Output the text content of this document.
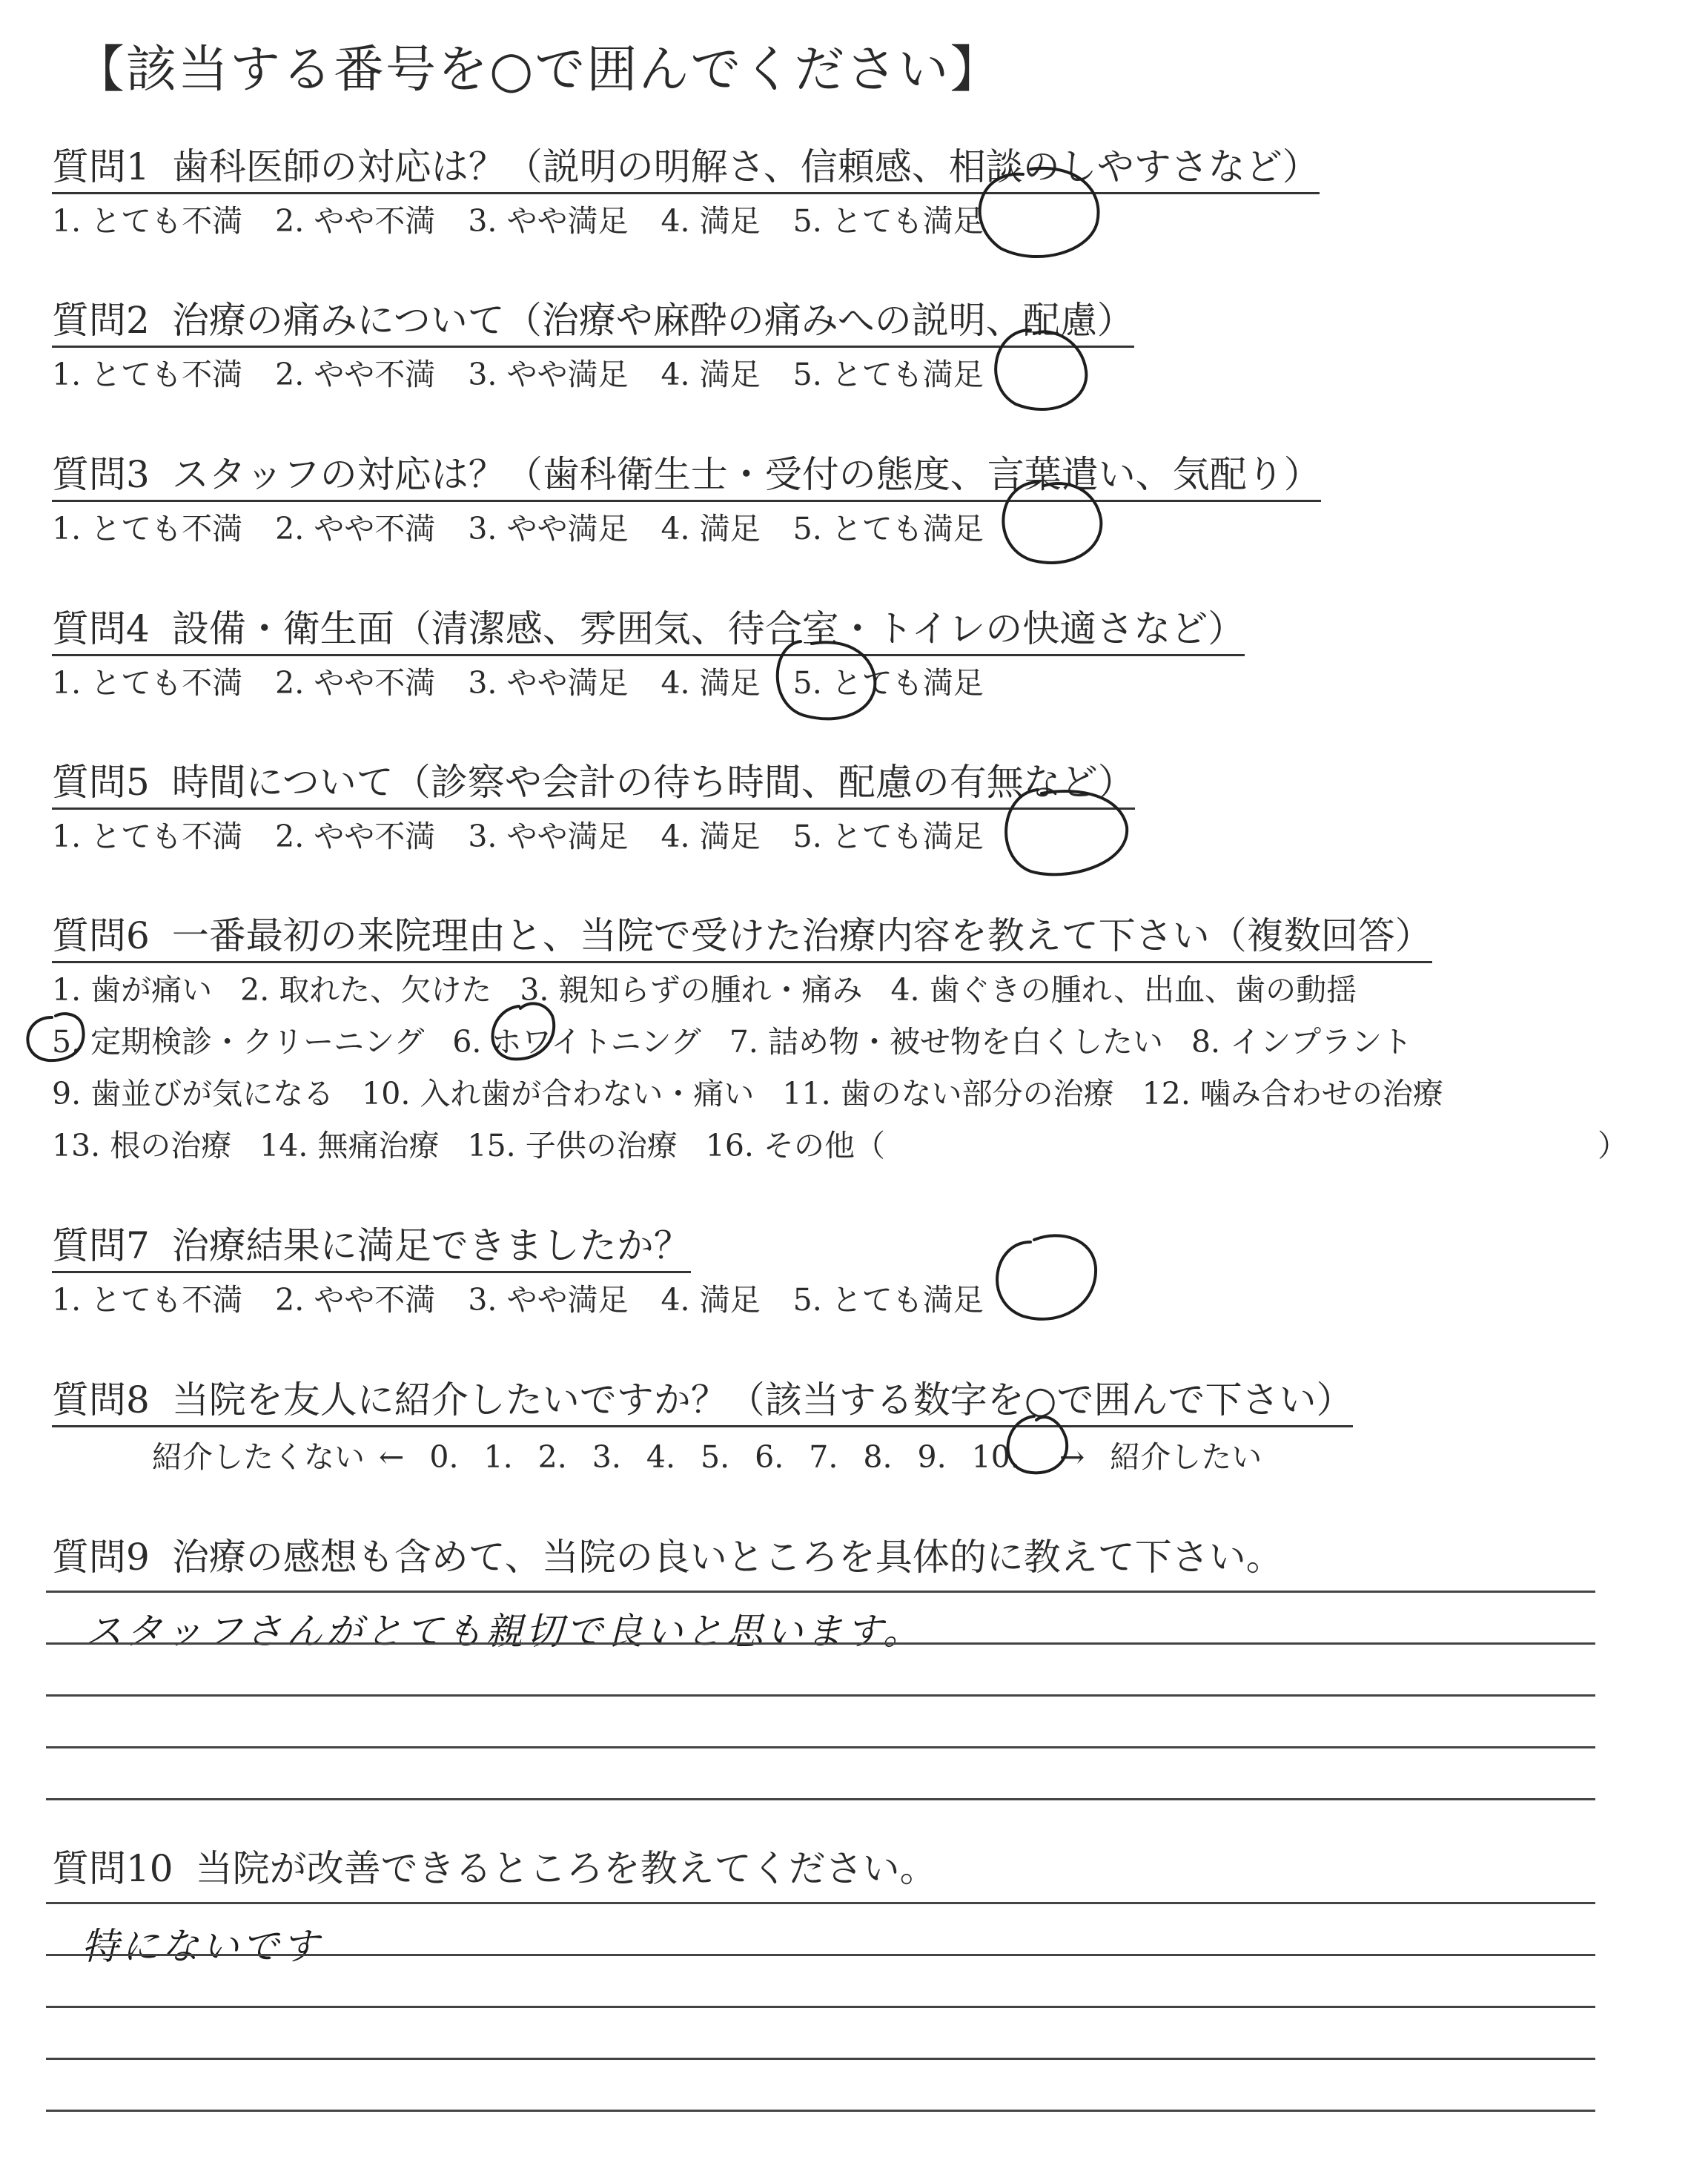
【該当する番号を○で囲んでください】
質問1 歯科医師の対応は？（説明の明解さ、信頼感、相談のしやすさなど）
1. とても不満 2. やや不満 3. やや満足 4. 満足 5. とても満足
質問2 治療の痛みについて（治療や麻酔の痛みへの説明、配慮）
1. とても不満 2. やや不満 3. やや満足 4. 満足 5. とても満足
質問3 スタッフの対応は？（歯科衛生士・受付の態度、言葉遣い、気配り）
1. とても不満 2. やや不満 3. やや満足 4. 満足 5. とても満足
質問4 設備・衛生面（清潔感、雰囲気、待合室・トイレの快適さなど）
1. とても不満 2. やや不満 3. やや満足 4. 満足 5. とても満足
質問5 時間について（診察や会計の待ち時間、配慮の有無など）
1. とても不満 2. やや不満 3. やや満足 4. 満足 5. とても満足
質問6 一番最初の来院理由と、当院で受けた治療内容を教えて下さい（複数回答）
1. 歯が痛い 2. 取れた、欠けた 3. 親知らずの腫れ・痛み 4. 歯ぐきの腫れ、出血、歯の動揺
5. 定期検診・クリーニング 6. ホワイトニング 7. 詰め物・被せ物を白くしたい 8. インプラント
9. 歯並びが気になる 10. 入れ歯が合わない・痛い 11. 歯のない部分の治療 12. 噛み合わせの治療
13. 根の治療 14. 無痛治療 15. 子供の治療 16. その他（	）
質問7 治療結果に満足できましたか？
1. とても不満 2. やや不満 3. やや満足 4. 満足 5. とても満足
質問8 当院を友人に紹介したいですか？（該当する数字を○で囲んで下さい）
紹介したくない ← 0. 1. 2. 3. 4. 5. 6. 7. 8. 9. 10. → 紹介したい
質問9 治療の感想も含めて、当院の良いところを具体的に教えて下さい。
スタッフさんがとても親切で良いと思います。
質問10 当院が改善できるところを教えてください。
特にないです
